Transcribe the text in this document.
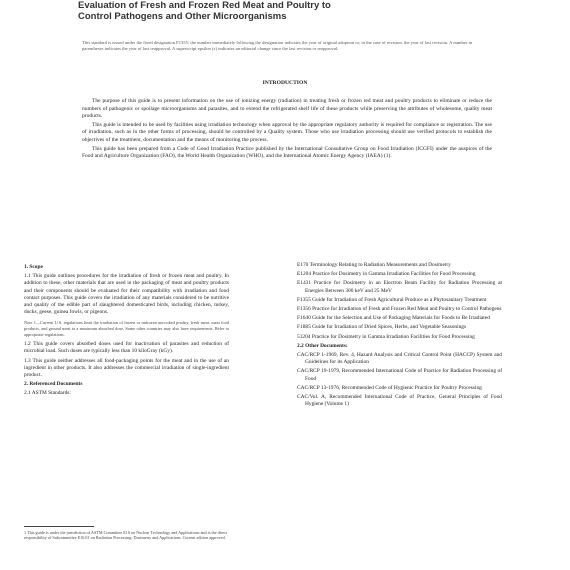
Evaluation of Fresh and Frozen Red Meat and Poultry to
Control Pathogens and Other Microorganisms
This standard is issued under the fixed designation F1355; the number immediately following the designation indicates the year of original adoption or, in the case of revision, the year of last revision. A number in parentheses indicates the year of last reapproval. A superscript epsilon (ε) indicates an editorial change since the last revision or reapproval.
INTRODUCTION

The purpose of this guide is to present information on the use of ionizing energy (radiation) in treating fresh or frozen red meat and poultry products to eliminate or reduce the numbers of pathogenic or spoilage microorganisms and parasites, and to extend the refrigerated shelf life of these products while preserving the attributes of wholesome, quality meat products.

This guide is intended to be used by facilities using irradiation technology when approval by the appropriate regulatory authority is required for compliance or registration. The use of irradiation, such as in the other forms of processing, should be controlled by a Quality system. Those who use irradiation processing should use verified protocols to establish the objectives of the treatment, documentation and the means of monitoring the process.

This guide has been prepared from a Code of Good Irradiation Practice published by the International Consultative Group on Food Irradiation (ICGFI) under the auspices of the Food and Agriculture Organization (FAO), the World Health Organization (WHO), and the International Atomic Energy Agency (IAEA) (1).

1. Scope

1.1 This guide outlines procedures for the irradiation of fresh or frozen meat and poultry. In addition to these, other materials that are used in the packaging of meat and poultry products and their components should be evaluated for their compatibility with irradiation and food contact purposes. This guide covers the irradiation of any materials considered to be nutritive and quality of the edible part of slaughtered domesticated birds, including chicken, turkey, ducks, geese, guinea fowls, or pigeons.

Note 1—Current U.S. regulations limit the irradiation of frozen or unfrozen uncooked poultry, fresh meat, meat food products, and ground meat to a maximum absorbed dose. Some other countries may also have requirements. Refer to appropriate regulations.

1.2 This guide covers absorbed doses used for inactivation of parasites and reduction of microbial load. Such doses are typically less than 10 kiloGray (kGy).

1.3 This guide neither addresses all food-packaging points for the meat and in the use of an ingredient in other products. It also addresses the commercial irradiation of single-ingredient product.

2. Referenced Documents

2.1 ASTM Standards:

E170 Terminology Relating to Radiation Measurements and Dosimetry
E1204 Practice for Dosimetry in Gamma Irradiation Facilities for Food Processing
E1431 Practice for Dosimetry in an Electron Beam Facility for Radiation Processing at Energies Between 300 keV and 25 MeV
F1355 Guide for Irradiation of Fresh Agricultural Produce as a Phytosanitary Treatment
F1356 Practice for Irradiation of Fresh and Frozen Red Meat and Poultry to Control Pathogens
F1640 Guide for the Selection and Use of Packaging Materials for Foods to Be Irradiated
F1885 Guide for Irradiation of Dried Spices, Herbs, and Vegetable Seasonings
51204 Practice for Dosimetry in Gamma Irradiation Facilities for Food Processing
2.2 Other Documents:
CAC/RCP 1-1969, Rev. 4, Hazard Analysis and Critical Control Point (HACCP) System and Guidelines for its Application
CAC/RCP 19-1979, Recommended International Code of Practice for Radiation Processing of Food
CAC/RCP 13-1976, Recommended Code of Hygienic Practice for Poultry Processing
CAC/Vol. A, Recommended International Code of Practice, General Principles of Food Hygiene (Volume 1)
1 This guide is under the jurisdiction of ASTM Committee E10 on Nuclear Technology and Applications and is the direct responsibility of Subcommittee E10.01 on Radiation Processing: Dosimetry and Applications. Current edition approved.
